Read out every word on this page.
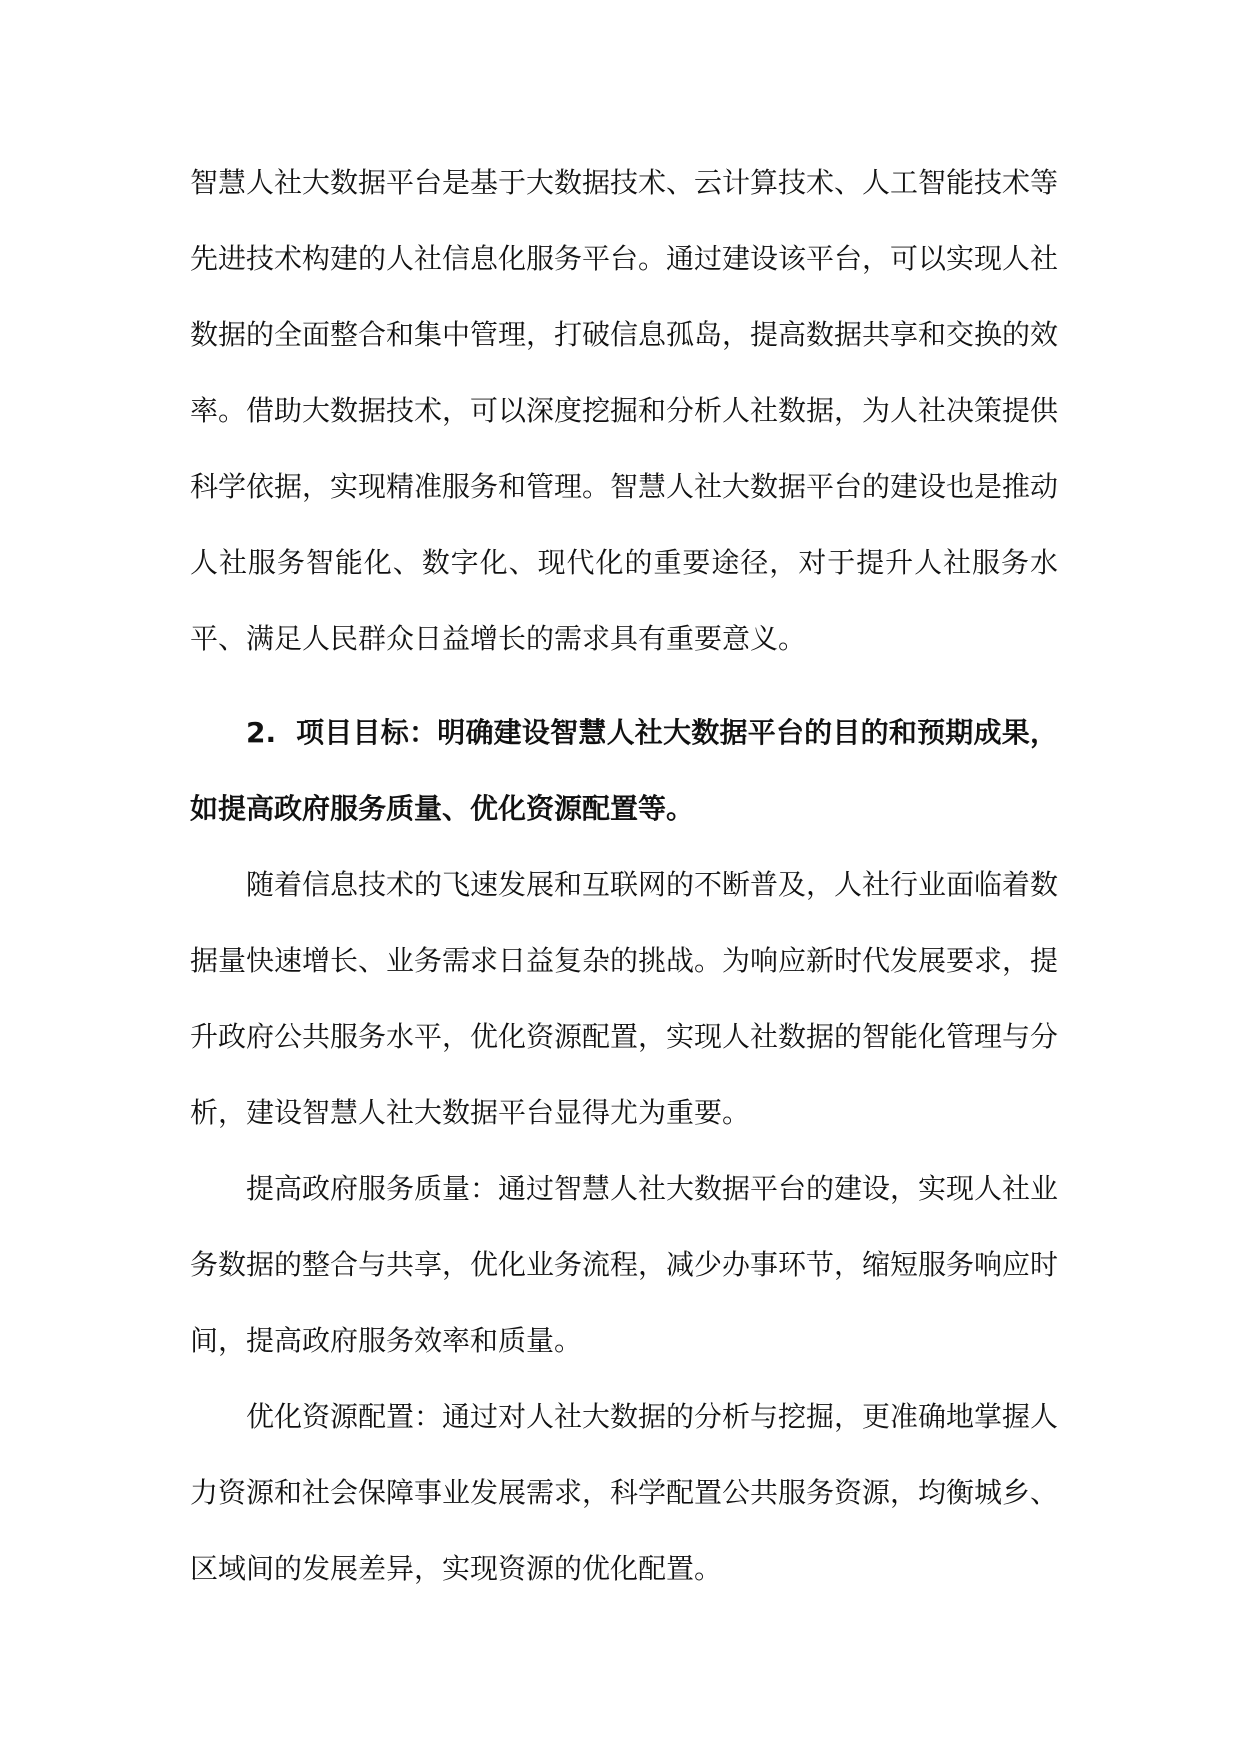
智慧人社大数据平台是基于大数据技术、云计算技术、人工智能技术等先进技术构建的人社信息化服务平台。通过建设该平台，可以实现人社数据的全面整合和集中管理，打破信息孤岛，提高数据共享和交换的效率。借助大数据技术，可以深度挖掘和分析人社数据，为人社决策提供科学依据，实现精准服务和管理。智慧人社大数据平台的建设也是推动人社服务智能化、数字化、现代化的重要途径，对于提升人社服务水平、满足人民群众日益增长的需求具有重要意义。

2. 项目目标：明确建设智慧人社大数据平台的目的和预期成果，如提高政府服务质量、优化资源配置等。

随着信息技术的飞速发展和互联网的不断普及，人社行业面临着数据量快速增长、业务需求日益复杂的挑战。为响应新时代发展要求，提升政府公共服务水平，优化资源配置，实现人社数据的智能化管理与分析，建设智慧人社大数据平台显得尤为重要。

提高政府服务质量：通过智慧人社大数据平台的建设，实现人社业务数据的整合与共享，优化业务流程，减少办事环节，缩短服务响应时间，提高政府服务效率和质量。

优化资源配置：通过对人社大数据的分析与挖掘，更准确地掌握人力资源和社会保障事业发展需求，科学配置公共服务资源，均衡城乡、区域间的发展差异，实现资源的优化配置。
